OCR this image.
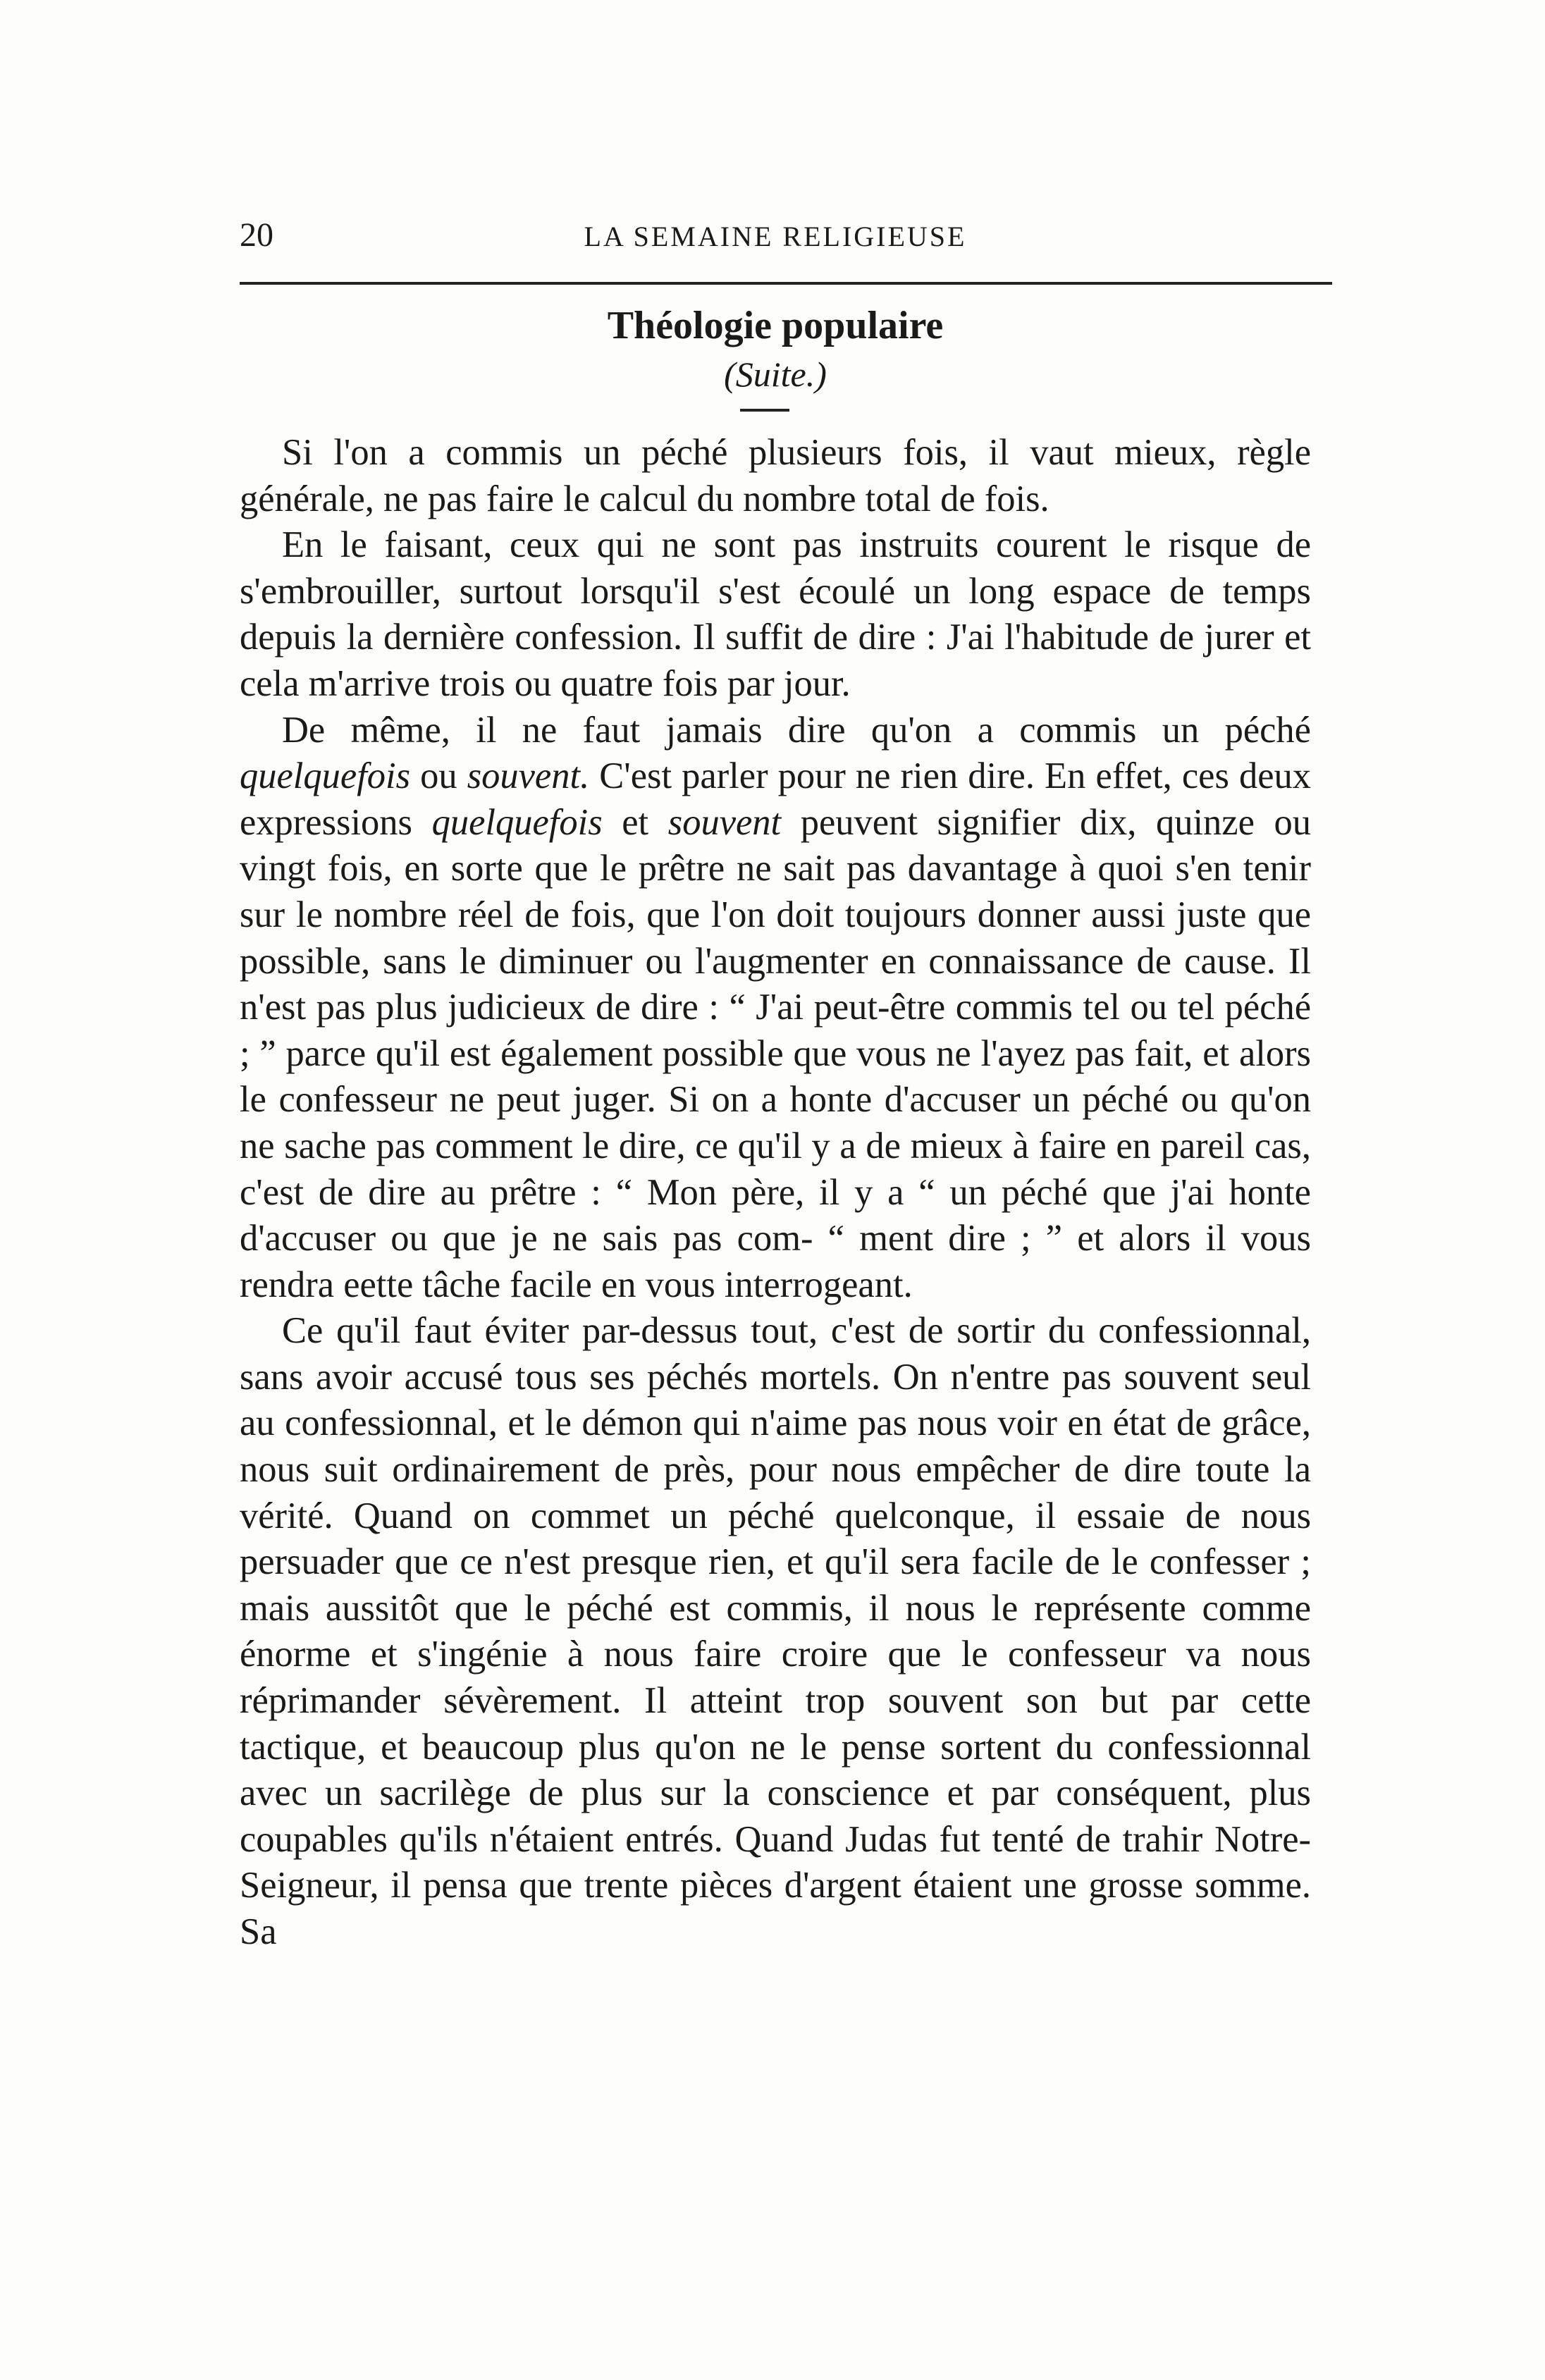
20	LA SEMAINE RELIGIEUSE
Théologie populaire
(Suite.)

Si l'on a commis un péché plusieurs fois, il vaut mieux, règle générale, ne pas faire le calcul du nombre total de fois.

En le faisant, ceux qui ne sont pas instruits courent le risque de s'embrouiller, surtout lorsqu'il s'est écoulé un long espace de temps depuis la dernière confession. Il suffit de dire : J'ai l'habitude de jurer et cela m'arrive trois ou quatre fois par jour.

De même, il ne faut jamais dire qu'on a commis un péché quelquefois ou souvent. C'est parler pour ne rien dire. En effet, ces deux expressions quelquefois et souvent peuvent signifier dix, quinze ou vingt fois, en sorte que le prêtre ne sait pas davantage à quoi s'en tenir sur le nombre réel de fois, que l'on doit toujours donner aussi juste que possible, sans le diminuer ou l'augmenter en connaissance de cause. Il n'est pas plus judicieux de dire : “ J'ai peut-être commis tel ou tel péché ; ” parce qu'il est également possible que vous ne l'ayez pas fait, et alors le confesseur ne peut juger. Si on a honte d'accuser un péché ou qu'on ne sache pas comment le dire, ce qu'il y a de mieux à faire en pareil cas, c'est de dire au prêtre : “ Mon père, il y a “ un péché que j'ai honte d'accuser ou que je ne sais pas com- “ ment dire ; ” et alors il vous rendra eette tâche facile en vous interrogeant.

Ce qu'il faut éviter par-dessus tout, c'est de sortir du confessionnal, sans avoir accusé tous ses péchés mortels. On n'entre pas souvent seul au confessionnal, et le démon qui n'aime pas nous voir en état de grâce, nous suit ordinairement de près, pour nous empêcher de dire toute la vérité. Quand on commet un péché quelconque, il essaie de nous persuader que ce n'est presque rien, et qu'il sera facile de le confesser ; mais aussitôt que le péché est commis, il nous le représente comme énorme et s'ingénie à nous faire croire que le confesseur va nous réprimander sévèrement. Il atteint trop souvent son but par cette tactique, et beaucoup plus qu'on ne le pense sortent du confessionnal avec un sacrilège de plus sur la conscience et par conséquent, plus coupables qu'ils n'étaient entrés. Quand Judas fut tenté de trahir Notre-Seigneur, il pensa que trente pièces d'argent étaient une grosse somme. Sa
